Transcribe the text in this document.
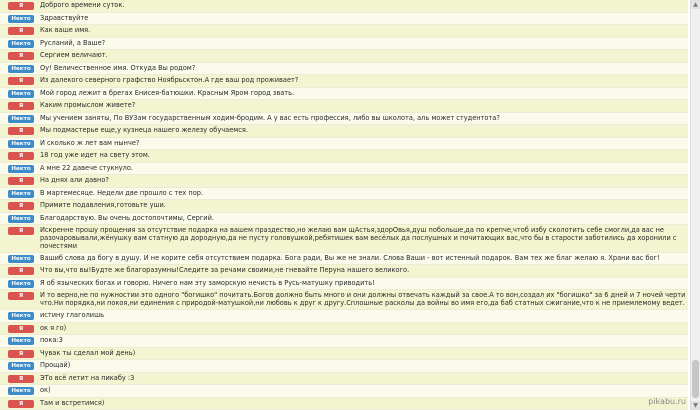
Я	Доброго времени суток.
Некто	Здравствуйте
Я	Как ваше имя.
Некто	Русланий, а Ваше?
Я	Сергием величают.
Некто	Оу! Величественное имя. Откуда Вы родом?
Я	Из далекого северного графство Ноябрьсктон.А где ваш род проживает?
Некто	Мой город лежит в брегах Енисея-батюшки. Красным Яром город звать.
Я	Каким промыслом живете?
Некто	Мы учением заняты, По ВУЗам государственным ходим-бродим. А у вас есть профессия, либо вы школота, аль может студентота?
Я	Мы подмастерье еще,у кузнеца нашего железу обучаемся.
Некто	И сколько ж лет вам нынче?
Я	18 год уже идет на свету этом.
Некто	А мне 22 давече стукнуло.
Я	На днях али давно?
Некто	В мартемесяце. Недели две прошло с тех пор.
Я	Примите подавления,готовьте уши.
Некто	Благодарствую. Вы очень достопочтимы, Сергий.
Я	Искренне прошу прощения за отсутствие подарка на вашем праздество,но желаю вам щАстья,здорОвья,душ побольше,да по крепче,чтоб избу сколотить себе смогли,да вас не разочаровывали,жёнушку вам статную да дородную,да не пусту головушкой,ребятишек вам весёлых да послушных и почитающих вас,что бы в старости заботились да хоронили с почестями
Некто	Вашиб слова да богу в душу. И не корите себя отсутствием подарка. Бога ради, Вы же не знали. Слова Ваши - вот истенный подарок. Вам тех же благ желаю я. Храни вас бог!
Я	Что вы,что вы!Будте же благоразумны!Следите за речами своими,не гневайте Перуна нашего великого.
Некто	Я об языческих богах и говорю. Ничего нам эту заморскую нечисть в Русь-матушку приводить!
Я	И то верно,не по нужностии это одного "богишко" почитать.Богов должно быть много и они должны отвечать каждый за свое.А то вон,создал их "богишко" за 6 дней и 7 ночей черти что.Ни порядка,ни покоя,ни единения с природой-матушкой,ни любовь к друг к другу.Сплошные расколы да войны во имя его,да баб статных сжигание,что к не приемлемому ведет.
Некто	истину глаголишь
Я	ок я го)
Некто	пока:3
Я	Чувак ты сделал мой день)
Некто	Прощай)
Я	ЭТо всё летит на пикабу :3
Некто	ок)
Я	Там и встретимся)
▲
▼
pikabu.ru
